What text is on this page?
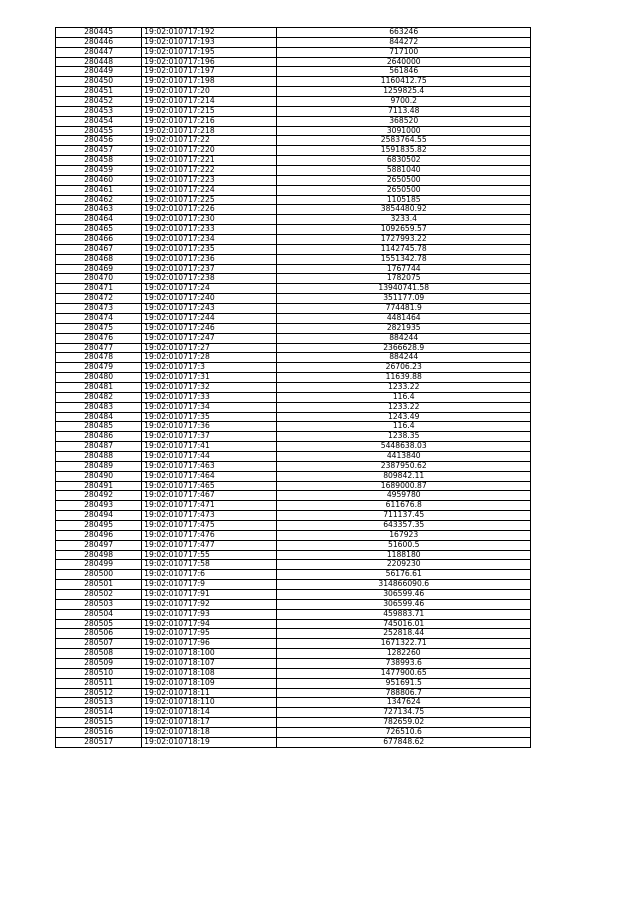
280445	19:02:010717:192	663246
280446	19:02:010717:193	844272
280447	19:02:010717:195	717100
280448	19:02:010717:196	2640000
280449	19:02:010717:197	561846
280450	19:02:010717:198	1160412.75
280451	19:02:010717:20	1259825.4
280452	19:02:010717:214	9700.2
280453	19:02:010717:215	7113.48
280454	19:02:010717:216	368520
280455	19:02:010717:218	3091000
280456	19:02:010717:22	2583764.55
280457	19:02:010717:220	1591835.82
280458	19:02:010717:221	6830502
280459	19:02:010717:222	5881040
280460	19:02:010717:223	2650500
280461	19:02:010717:224	2650500
280462	19:02:010717:225	1105185
280463	19:02:010717:226	3854480.92
280464	19:02:010717:230	3233.4
280465	19:02:010717:233	1092659.57
280466	19:02:010717:234	1727993.22
280467	19:02:010717:235	1142745.78
280468	19:02:010717:236	1551342.78
280469	19:02:010717:237	1767744
280470	19:02:010717:238	1782075
280471	19:02:010717:24	13940741.58
280472	19:02:010717:240	351177.09
280473	19:02:010717:243	774481.9
280474	19:02:010717:244	4481464
280475	19:02:010717:246	2821935
280476	19:02:010717:247	884244
280477	19:02:010717:27	2366628.9
280478	19:02:010717:28	884244
280479	19:02:010717:3	26706.23
280480	19:02:010717:31	11639.88
280481	19:02:010717:32	1233.22
280482	19:02:010717:33	116.4
280483	19:02:010717:34	1233.22
280484	19:02:010717:35	1243.49
280485	19:02:010717:36	116.4
280486	19:02:010717:37	1238.35
280487	19:02:010717:41	5448638.03
280488	19:02:010717:44	4413840
280489	19:02:010717:463	2387950.62
280490	19:02:010717:464	809842.11
280491	19:02:010717:465	1689000.87
280492	19:02:010717:467	4959780
280493	19:02:010717:471	611676.8
280494	19:02:010717:473	711137.45
280495	19:02:010717:475	643357.35
280496	19:02:010717:476	167923
280497	19:02:010717:477	51600.5
280498	19:02:010717:55	1188180
280499	19:02:010717:58	2209230
280500	19:02:010717:6	56176.61
280501	19:02:010717:9	314866090.6
280502	19:02:010717:91	306599.46
280503	19:02:010717:92	306599.46
280504	19:02:010717:93	459883.71
280505	19:02:010717:94	745016.01
280506	19:02:010717:95	252818.44
280507	19:02:010717:96	1671322.71
280508	19:02:010718:100	1282260
280509	19:02:010718:107	738993.6
280510	19:02:010718:108	1477900.65
280511	19:02:010718:109	951691.5
280512	19:02:010718:11	788806.7
280513	19:02:010718:110	1347624
280514	19:02:010718:14	727134.75
280515	19:02:010718:17	782659.02
280516	19:02:010718:18	726510.6
280517	19:02:010718:19	677848.62
